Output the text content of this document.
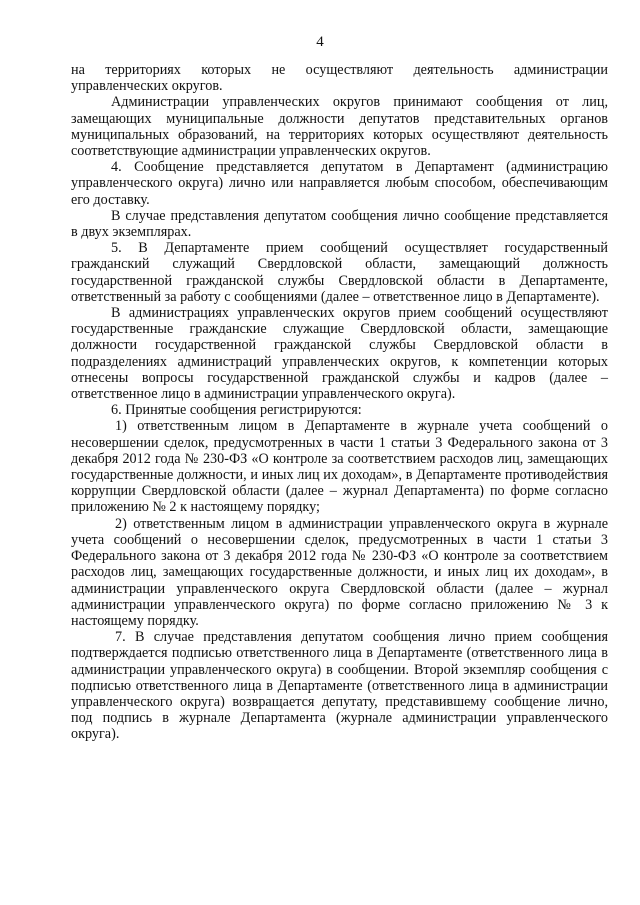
4

на территориях которых не осуществляют деятельность администрации управленческих округов.

Администрации управленческих округов принимают сообщения от лиц, замещающих муниципальные должности депутатов представительных органов муниципальных образований, на территориях которых осуществляют деятельность соответствующие администрации управленческих округов.

4. Сообщение представляется депутатом в Департамент (администрацию управленческого округа) лично или направляется любым способом, обеспечивающим его доставку.

В случае представления депутатом сообщения лично сообщение представляется в двух экземплярах.

5. В Департаменте прием сообщений осуществляет государственный гражданский служащий Свердловской области, замещающий должность государственной гражданской службы Свердловской области в Департаменте, ответственный за работу с сообщениями (далее – ответственное лицо в Департаменте).

В администрациях управленческих округов прием сообщений осуществляют государственные гражданские служащие Свердловской области, замещающие должности государственной гражданской службы Свердловской области в подразделениях администраций управленческих округов, к компетенции которых отнесены вопросы государственной гражданской службы и кадров (далее – ответственное лицо в администрации управленческого округа).

6. Принятые сообщения регистрируются:

1) ответственным лицом в Департаменте в журнале учета сообщений о несовершении сделок, предусмотренных в части 1 статьи 3 Федерального закона от 3 декабря 2012 года № 230-ФЗ «О контроле за соответствием расходов лиц, замещающих государственные должности, и иных лиц их доходам», в Департаменте противодействия коррупции Свердловской области (далее – журнал Департамента) по форме согласно приложению № 2 к настоящему порядку;

2) ответственным лицом в администрации управленческого округа в журнале учета сообщений о несовершении сделок, предусмотренных в части 1 статьи 3 Федерального закона от 3 декабря 2012 года № 230-ФЗ «О контроле за соответствием расходов лиц, замещающих государственные должности, и иных лиц их доходам», в администрации управленческого округа Свердловской области (далее – журнал администрации управленческого округа) по форме согласно приложению № 3 к настоящему порядку.

7. В случае представления депутатом сообщения лично прием сообщения подтверждается подписью ответственного лица в Департаменте (ответственного лица в администрации управленческого округа) в сообщении. Второй экземпляр сообщения с подписью ответственного лица в Департаменте (ответственного лица в администрации управленческого округа) возвращается депутату, представившему сообщение лично, под подпись в журнале Департамента (журнале администрации управленческого округа).
